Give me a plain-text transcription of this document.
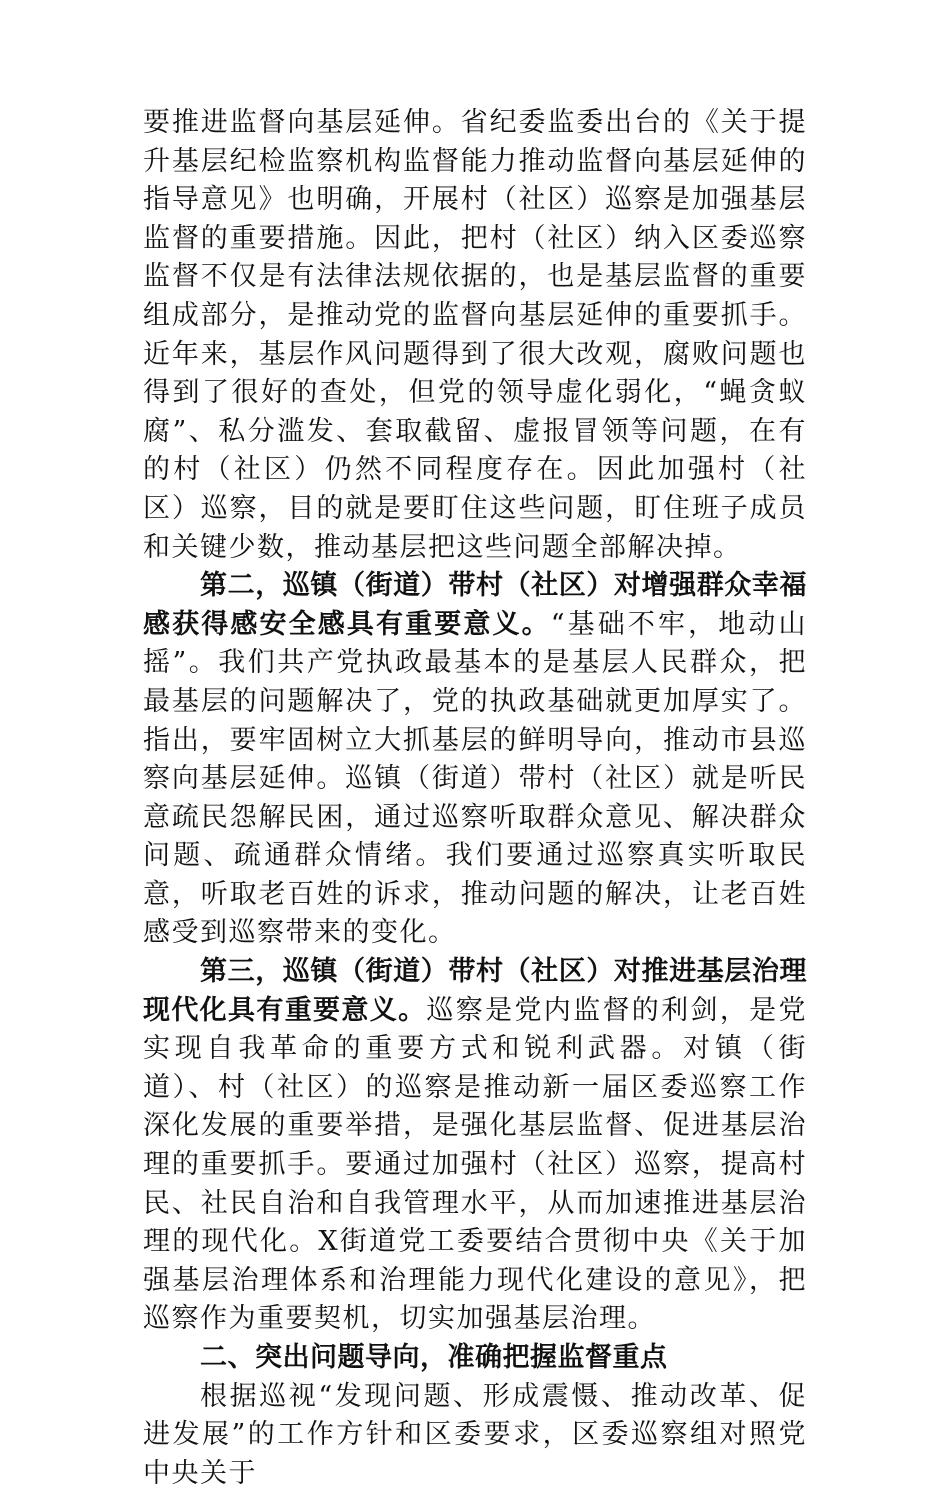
要推进监督向基层延伸。省纪委监委出台的《关于提升基层纪检监察机构监督能力推动监督向基层延伸的指导意见》也明确，开展村（社区）巡察是加强基层监督的重要措施。因此，把村（社区）纳入区委巡察监督不仅是有法律法规依据的，也是基层监督的重要组成部分，是推动党的监督向基层延伸的重要抓手。近年来，基层作风问题得到了很大改观，腐败问题也得到了很好的查处，但党的领导虚化弱化，“蝇贪蚁腐”、私分滥发、套取截留、虚报冒领等问题，在有的村（社区）仍然不同程度存在。因此加强村（社区）巡察，目的就是要盯住这些问题，盯住班子成员和关键少数，推动基层把这些问题全部解决掉。

第二，巡镇（街道）带村（社区）对增强群众幸福感获得感安全感具有重要意义。“基础不牢，地动山摇”。我们共产党执政最基本的是基层人民群众，把最基层的问题解决了，党的执政基础就更加厚实了。指出，要牢固树立大抓基层的鲜明导向，推动市县巡察向基层延伸。巡镇（街道）带村（社区）就是听民意疏民怨解民困，通过巡察听取群众意见、解决群众问题、疏通群众情绪。我们要通过巡察真实听取民意，听取老百姓的诉求，推动问题的解决，让老百姓感受到巡察带来的变化。

第三，巡镇（街道）带村（社区）对推进基层治理现代化具有重要意义。巡察是党内监督的利剑，是党实现自我革命的重要方式和锐利武器。对镇（街道）、村（社区）的巡察是推动新一届区委巡察工作深化发展的重要举措，是强化基层监督、促进基层治理的重要抓手。要通过加强村（社区）巡察，提高村民、社民自治和自我管理水平，从而加速推进基层治理的现代化。X街道党工委要结合贯彻中央《关于加强基层治理体系和治理能力现代化建设的意见》，把巡察作为重要契机，切实加强基层治理。

二、突出问题导向，准确把握监督重点

根据巡视“发现问题、形成震慑、推动改革、促进发展”的工作方针和区委要求，区委巡察组对照党中央关于
